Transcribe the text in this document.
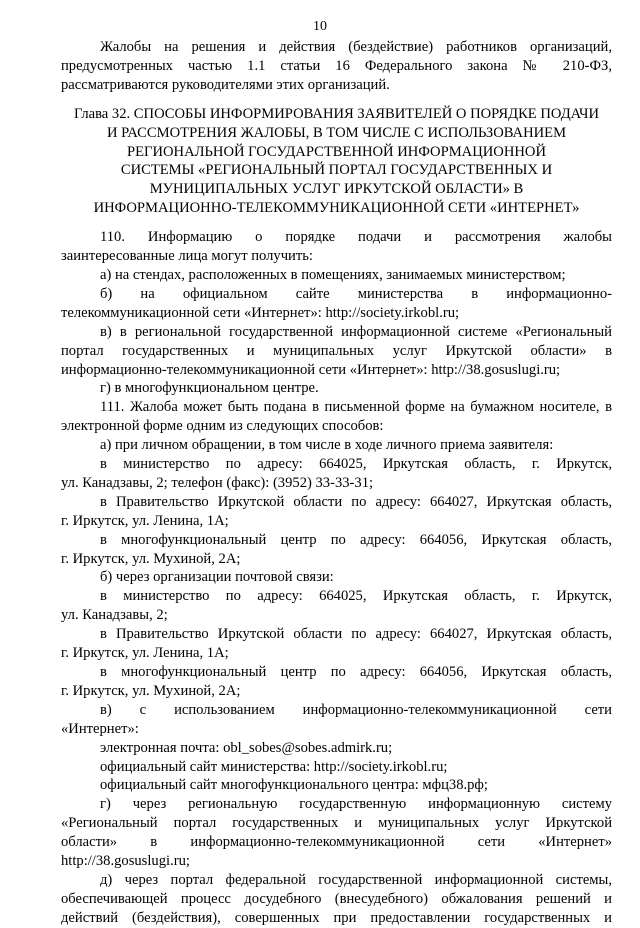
10

Жалобы на решения и действия (бездействие) работников организаций,

предусмотренных частью 1.1 статьи 16 Федерального закона № 210-ФЗ,

рассматриваются руководителями этих организаций.

Глава 32. СПОСОБЫ ИНФОРМИРОВАНИЯ ЗАЯВИТЕЛЕЙ О ПОРЯДКЕ ПОДАЧИ
И РАССМОТРЕНИЯ ЖАЛОБЫ, В ТОМ ЧИСЛЕ С ИСПОЛЬЗОВАНИЕМ
РЕГИОНАЛЬНОЙ ГОСУДАРСТВЕННОЙ ИНФОРМАЦИОННОЙ
СИСТЕМЫ «РЕГИОНАЛЬНЫЙ ПОРТАЛ ГОСУДАРСТВЕННЫХ И
МУНИЦИПАЛЬНЫХ УСЛУГ ИРКУТСКОЙ ОБЛАСТИ» В
ИНФОРМАЦИОННО-ТЕЛЕКОММУНИКАЦИОННОЙ СЕТИ «ИНТЕРНЕТ»

110. Информацию о порядке подачи и рассмотрения жалобы

заинтересованные лица могут получить:

а) на стендах, расположенных в помещениях, занимаемых министерством;

б) на официальном сайте министерства в информационно-

телекоммуникационной сети «Интернет»: http://society.irkobl.ru;

в) в региональной государственной информационной системе «Региональный

портал государственных и муниципальных услуг Иркутской области» в

информационно-телекоммуникационной сети «Интернет»: http://38.gosuslugi.ru;

г) в многофункциональном центре.

111. Жалоба может быть подана в письменной форме на бумажном носителе, в

электронной форме одним из следующих способов:

а) при личном обращении, в том числе в ходе личного приема заявителя:

в министерство по адресу: 664025, Иркутская область, г. Иркутск,

ул. Канадзавы, 2; телефон (факс): (3952) 33-33-31;

в Правительство Иркутской области по адресу: 664027, Иркутская область,

г. Иркутск, ул. Ленина, 1А;

в многофункциональный центр по адресу: 664056, Иркутская область,

г. Иркутск, ул. Мухиной, 2А;

б) через организации почтовой связи:

в министерство по адресу: 664025, Иркутская область, г. Иркутск,

ул. Канадзавы, 2;

в Правительство Иркутской области по адресу: 664027, Иркутская область,

г. Иркутск, ул. Ленина, 1А;

в многофункциональный центр по адресу: 664056, Иркутская область,

г. Иркутск, ул. Мухиной, 2А;

в) с использованием информационно-телекоммуникационной сети

«Интернет»:

электронная почта: obl_sobes@sobes.admirk.ru;

официальный сайт министерства: http://society.irkobl.ru;

официальный сайт многофункционального центра: мфц38.рф;

г) через региональную государственную информационную систему

«Региональный портал государственных и муниципальных услуг Иркутской

области» в информационно-телекоммуникационной сети «Интернет»

http://38.gosuslugi.ru;

д) через портал федеральной государственной информационной системы,

обеспечивающей процесс досудебного (внесудебного) обжалования решений и

действий (бездействия), совершенных при предоставлении государственных и
